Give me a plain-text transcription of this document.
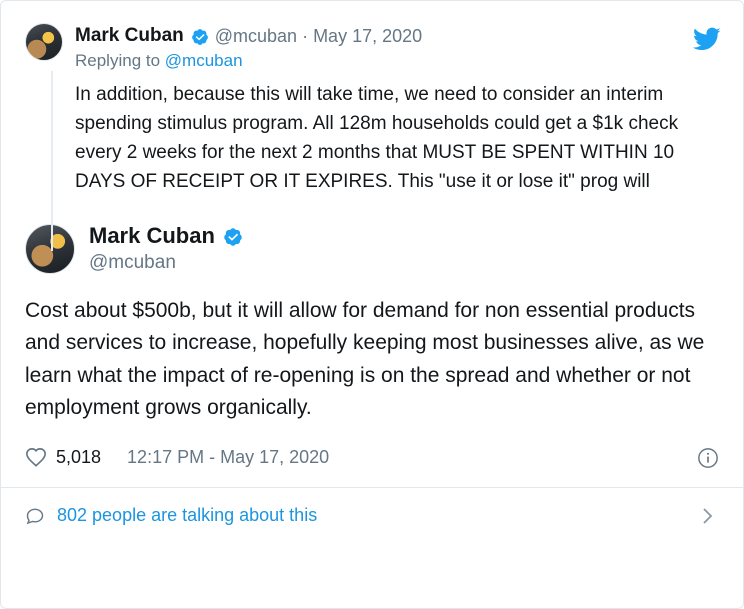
Mark Cuban @mcuban · May 17, 2020
Replying to @mcuban
In addition, because this will take time, we need to consider an interim spending stimulus program. All 128m households could get a $1k check every 2 weeks for the next 2 months that MUST BE SPENT WITHIN 10 DAYS OF RECEIPT OR IT EXPIRES. This "use it or lose it" prog will
Mark Cuban
@mcuban
Cost about $500b, but it will allow for demand for non essential products and services to increase, hopefully keeping most businesses alive, as we learn what the impact of re-opening is on the spread and whether or not employment grows organically.
5,018 12:17 PM - May 17, 2020
802 people are talking about this
